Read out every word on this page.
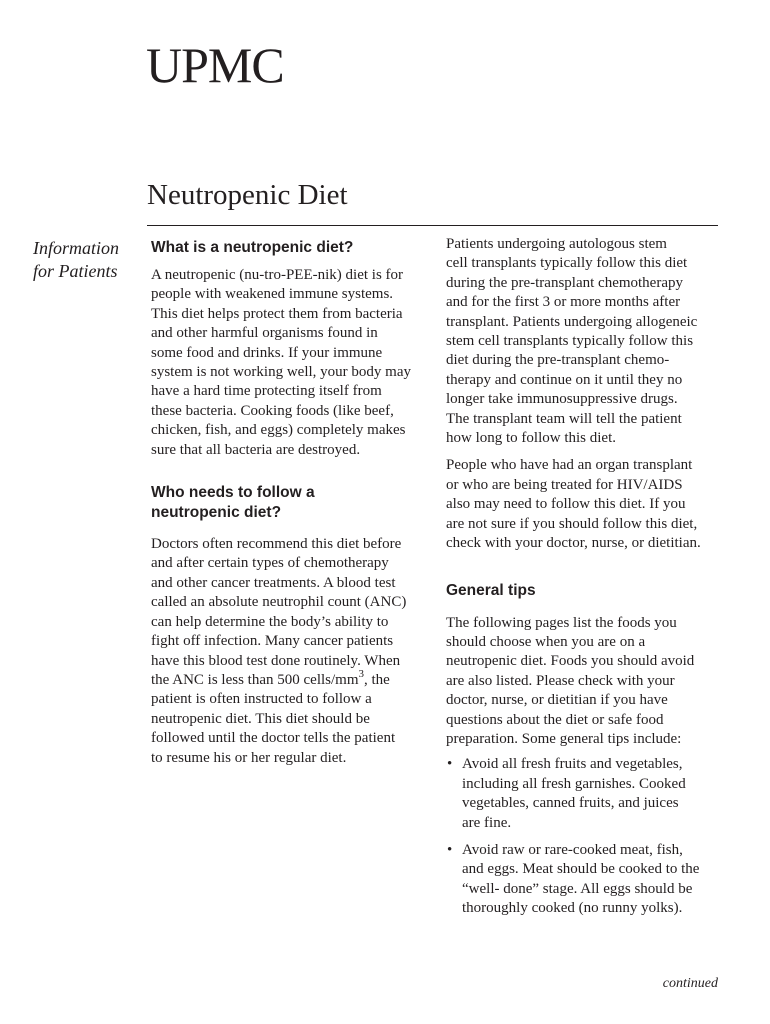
UPMC
Neutropenic Diet
Information
for Patients
What is a neutropenic diet?

A neutropenic (nu-tro-PEE-nik) diet is for
people with weakened immune systems.
This diet helps protect them from bacteria
and other harmful organisms found in
some food and drinks. If your immune
system is not working well, your body may
have a hard time protecting itself from
these bacteria. Cooking foods (like beef,
chicken, fish, and eggs) completely makes
sure that all bacteria are destroyed.

Who needs to follow a
neutropenic diet?

Doctors often recommend this diet before
and after certain types of chemotherapy
and other cancer treatments. A blood test
called an absolute neutrophil count (ANC)
can help determine the body’s ability to
fight off infection. Many cancer patients
have this blood test done routinely. When
the ANC is less than 500 cells/$mm^3$, the
patient is often instructed to follow a
neutropenic diet. This diet should be
followed until the doctor tells the patient
to resume his or her regular diet.

Patients undergoing autologous stem
cell transplants typically follow this diet
during the pre-transplant chemotherapy
and for the first 3 or more months after
transplant. Patients undergoing allogeneic
stem cell transplants typically follow this
diet during the pre-transplant chemo-
therapy and continue on it until they no
longer take immunosuppressive drugs.
The transplant team will tell the patient
how long to follow this diet.

People who have had an organ transplant
or who are being treated for HIV/AIDS
also may need to follow this diet. If you
are not sure if you should follow this diet,
check with your doctor, nurse, or dietitian.

General tips

The following pages list the foods you
should choose when you are on a
neutropenic diet. Foods you should avoid
are also listed. Please check with your
doctor, nurse, or dietitian if you have
questions about the diet or safe food
preparation. Some general tips include:

• Avoid all fresh fruits and vegetables,
including all fresh garnishes. Cooked
vegetables, canned fruits, and juices
are fine.
• Avoid raw or rare-cooked meat, fish,
and eggs. Meat should be cooked to the
“well- done” stage. All eggs should be
thoroughly cooked (no runny yolks).
continued
